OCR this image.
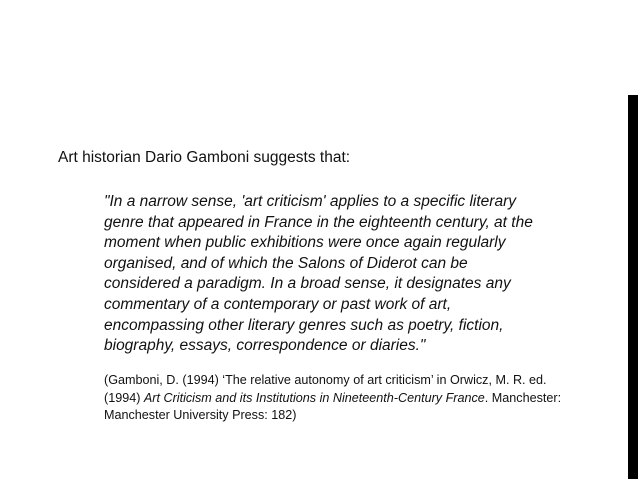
Art historian Dario Gamboni suggests that:
"In a narrow sense, 'art criticism' applies to a specific literary
genre that appeared in France in the eighteenth century, at the
moment when public exhibitions were once again regularly
organised, and of which the Salons of Diderot can be
considered a paradigm. In a broad sense, it designates any
commentary of a contemporary or past work of art,
encompassing other literary genres such as poetry, fiction,
biography, essays, correspondence or diaries."

(Gamboni, D. (1994) ‘The relative autonomy of art criticism’ in Orwicz, M. R. ed.
(1994) Art Criticism and its Institutions in Nineteenth-Century France. Manchester:
Manchester University Press: 182)
